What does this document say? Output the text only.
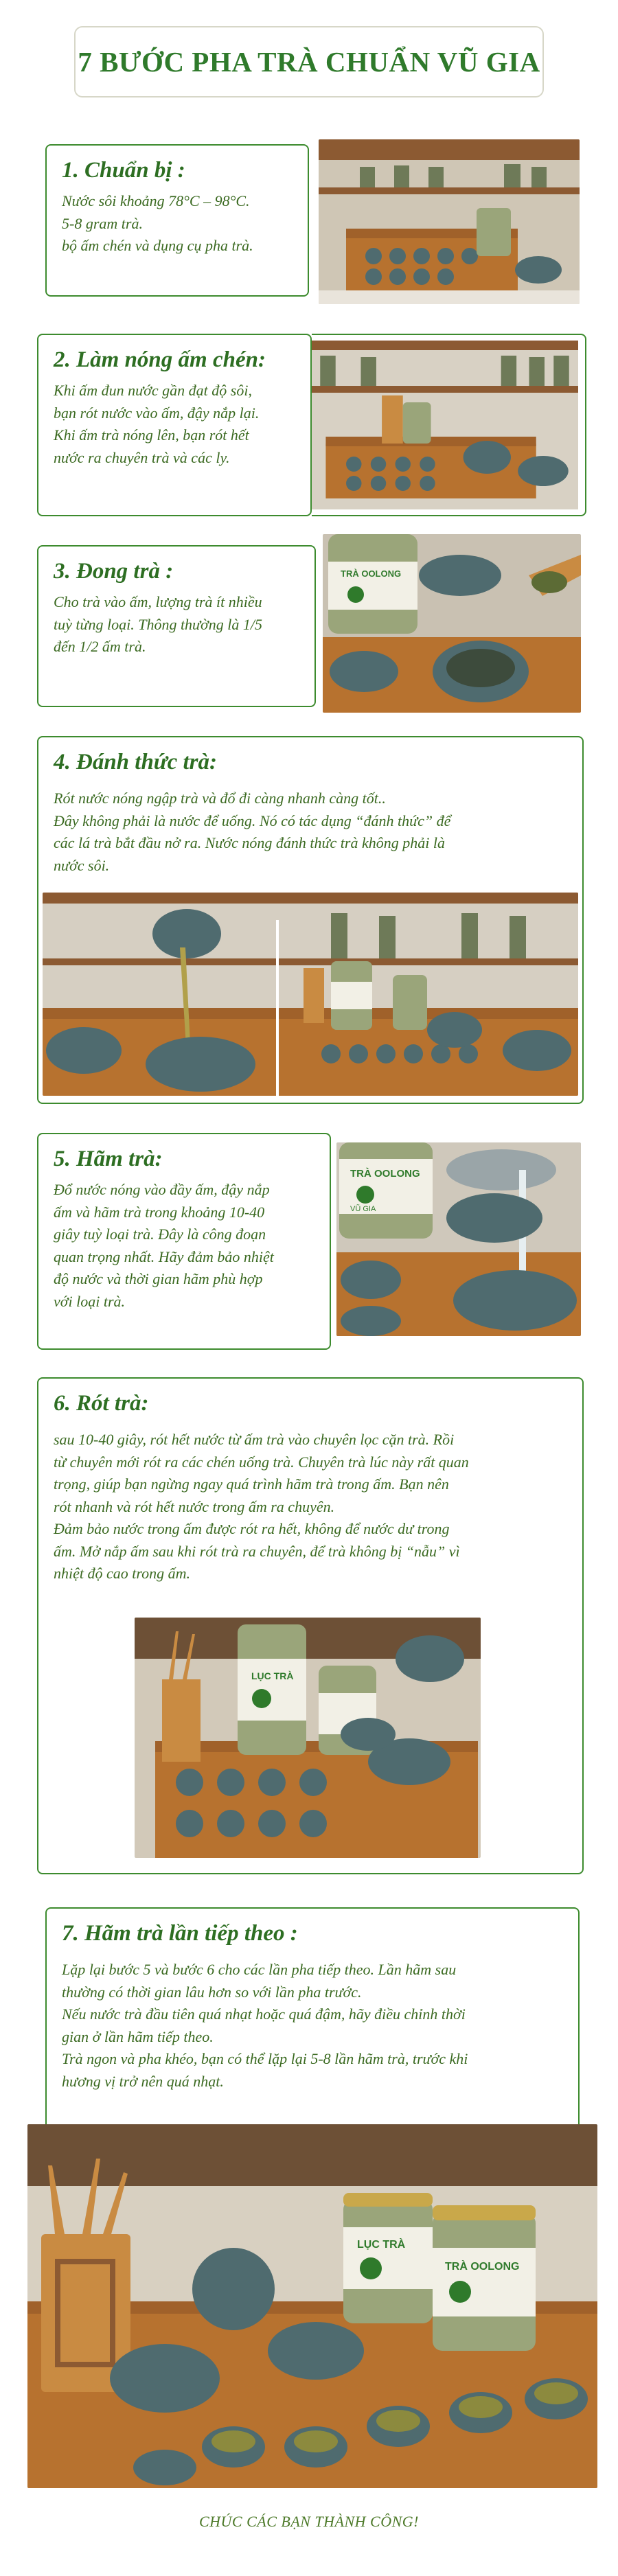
7 BƯỚC PHA TRÀ CHUẨN VŨ GIA
1. Chuẩn bị :

Nước sôi khoảng 78°C – 98°C.

5-8 gram trà.

bộ ấm chén và dụng cụ pha trà.

2. Làm nóng ấm chén:

Khi ấm đun nước gần đạt độ sôi,

bạn rót nước vào ấm, đậy nắp lại.

Khi ấm trà nóng lên, bạn rót hết

nước ra chuyên trà và các ly.

3. Đong trà :

Cho trà vào ấm, lượng trà ít nhiều

tuỳ từng loại. Thông thường là 1/5

đến 1/2 ấm trà.

TRÀ OOLONG
4. Đánh thức trà:

Rót nước nóng ngập trà và đổ đi càng nhanh càng tốt..

Đây không phải là nước để uống. Nó có tác dụng “đánh thức” để

các lá trà bắt đầu nở ra. Nước nóng đánh thức trà không phải là

nước sôi.

5. Hãm trà:

Đổ nước nóng vào đầy ấm, đậy nắp

ấm và hãm trà trong khoảng 10-40

giây tuỳ loại trà. Đây là công đoạn

quan trọng nhất. Hãy đảm bảo nhiệt

độ nước và thời gian hãm phù hợp

với loại trà.

TRÀ OOLONG
VŨ GIA
6. Rót trà:

sau 10-40 giây, rót hết nước từ ấm trà vào chuyên lọc cặn trà. Rồi

từ chuyên mới rót ra các chén uống trà. Chuyên trà lúc này rất quan

trọng, giúp bạn ngừng ngay quá trình hãm trà trong ấm. Bạn nên

rót nhanh và rót hết nước trong ấm ra chuyên.

Đảm bảo nước trong ấm được rót ra hết, không để nước dư trong

ấm. Mở nắp ấm sau khi rót trà ra chuyên, để trà không bị “nẫu” vì

nhiệt độ cao trong ấm.

LỤC TRÀ
7. Hãm trà lần tiếp theo :

Lặp lại bước 5 và bước 6 cho các lần pha tiếp theo. Lần hãm sau

thường có thời gian lâu hơn so với lần pha trước.

Nếu nước trà đầu tiên quá nhạt hoặc quá đậm, hãy điều chỉnh thời

gian ở lần hãm tiếp theo.

Trà ngon và pha khéo, bạn có thể lặp lại 5-8 lần hãm trà, trước khi

hương vị trở nên quá nhạt.

LỤC TRÀ
TRÀ OOLONG
CHÚC CÁC BẠN THÀNH CÔNG!
